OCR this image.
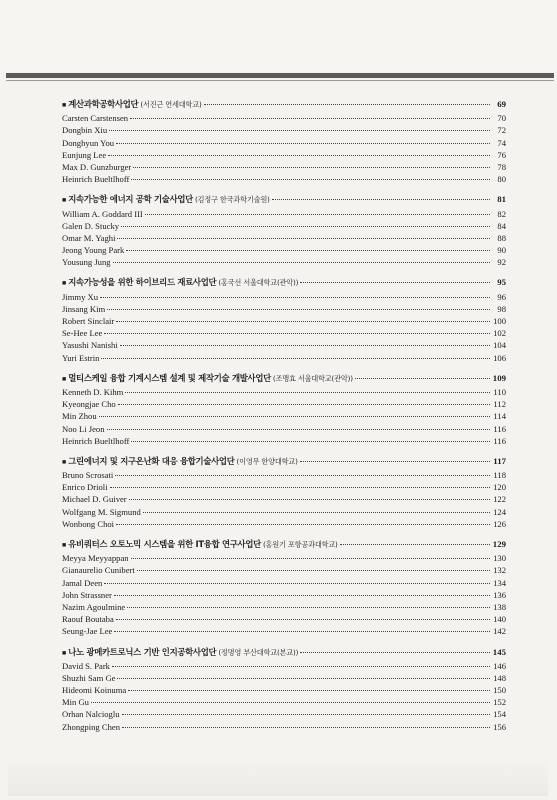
■ 계산과학공학사업단 (서진근 연세대학교)	69
Carsten Carstensen	70
Dongbin Xiu	72
Donghyun You	74
Eunjung Lee	76
Max D. Gunzburger	78
Heinrich Bueltlhoff	80
■ 지속가능한 에너지 공학 기술사업단 (김정구 한국과학기술원)	81
William A. Goddard III	82
Galen D. Stucky	84
Omar M. Yaghi	88
Jeong Young Park	90
Yousung Jung	92
■ 지속가능성을 위한 하이브리드 재료사업단 (홍국선 서울대학교(관악))	95
Jimmy Xu	96
Jinsang Kim	98
Robert Sinclair	100
Se-Hee Lee	102
Yasushi Nanishi	104
Yuri Estrin	106
■ 멀티스케일 융합 기계시스템 설계 및 제작기술 개발사업단 (조맹효 서울대학교(관악))	109
Kenneth D. Kihm	110
Kyeongjae Cho	112
Min Zhou	114
Noo Li Jeon	116
Heinrich Bueltlhoff	116
■ 그린에너지 및 지구온난화 대응 융합기술사업단 (이영무 한양대학교)	117
Bruno Scrosati	118
Enrico Drioli	120
Michael D. Guiver	122
Wolfgang M. Sigmund	124
Wonbong Choi	126
■ 유비쿼터스 오토노믹 시스템을 위한 IT융합 연구사업단 (홍원기 포항공과대학교)	129
Meyya Meyyappan	130
Gianaurelio Cunibert	132
Jamal Deen	134
John Strassner	136
Nazim Agoulmine	138
Raouf Boutaba	140
Seung-Jae Lee	142
■ 나노 광메카트로닉스 기반 인지공학사업단 (정명영 부산대학교(본교))	145
David S. Park	146
Shuzhi Sam Ge	148
Hideomi Koinuma	150
Min Gu	152
Orhan Nalcioglu	154
Zhongping Chen	156
